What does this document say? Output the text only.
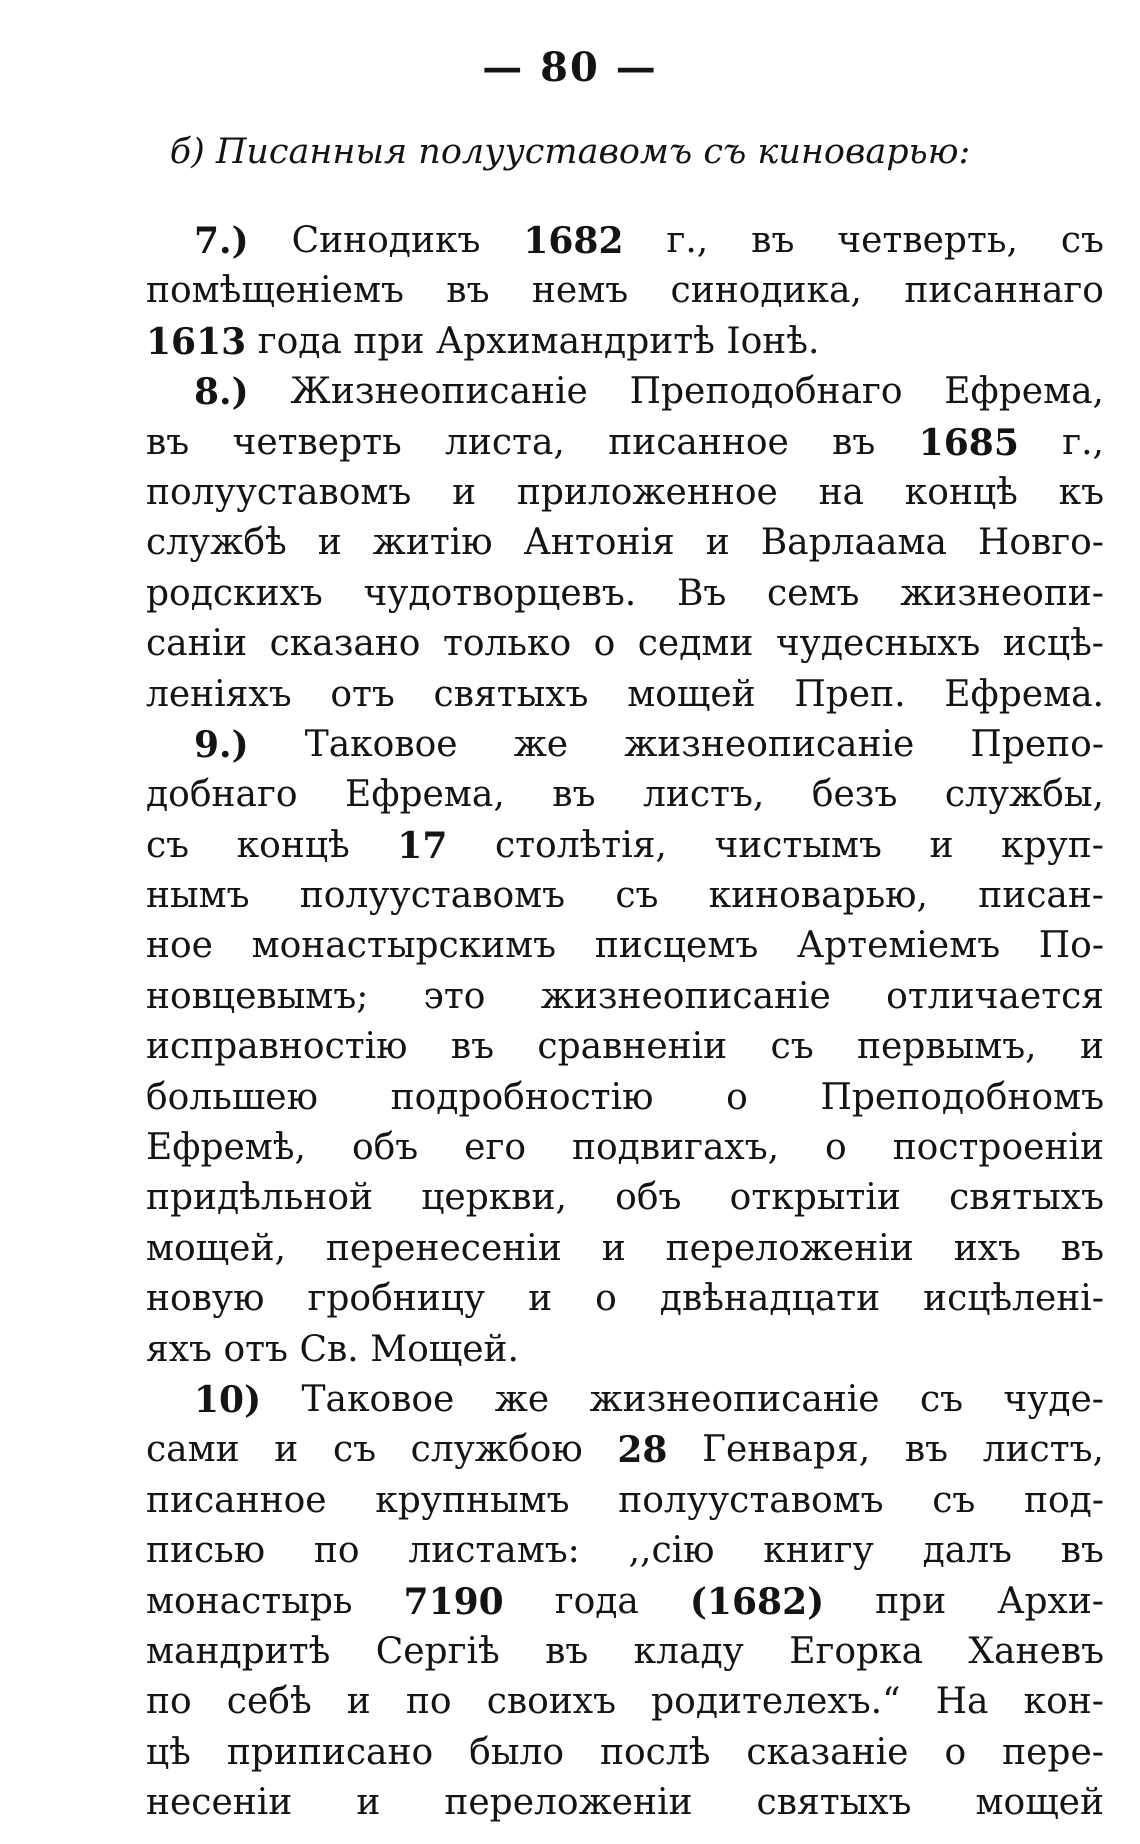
— 80 —

б) Писанныя полууставомъ съ киноварью:

7.) Синодикъ 1682 г., въ четверть, съ
помѣщеніемъ въ немъ синодика, писаннаго
1613 года при Архимандритѣ Іонѣ.
8.) Жизнеописаніе Преподобнаго Ефрема,
въ четверть листа, писанное въ 1685 г.,
полууставомъ и приложенное на концѣ къ
службѣ и житію Антонія и Варлаама Новго-
родскихъ чудотворцевъ. Въ семъ жизнеопи-
саніи сказано только о седми чудесныхъ исцѣ-
леніяхъ отъ святыхъ мощей Преп. Ефрема.
9.) Таковое же жизнеописаніе Препо-
добнаго Ефрема, въ листъ, безъ службы,
съ концѣ 17 столѣтія, чистымъ и круп-
нымъ полууставомъ съ киноварью, писан-
ное монастырскимъ писцемъ Артеміемъ По-
новцевымъ; это жизнеописаніе отличается
исправностію въ сравненіи съ первымъ, и
большею подробностію о Преподобномъ
Ефремѣ, объ его подвигахъ, о построеніи
придѣльной церкви, объ открытіи святыхъ
мощей, перенесеніи и переложеніи ихъ въ
новую гробницу и о двѣнадцати исцѣлені-
яхъ отъ Св. Мощей.
10) Таковое же жизнеописаніе съ чуде-
сами и съ службою 28 Генваря, въ листъ,
писанное крупнымъ полууставомъ съ под-
писью по листамъ: ,,сію книгу далъ въ
монастырь 7190 года (1682) при Архи-
мандритѣ Сергіѣ въ кладу Егорка Ханевъ
по себѣ и по своихъ родителехъ.“ На кон-
цѣ приписано было послѣ сказаніе о пере-
несеніи и переложеніи святыхъ мощей
